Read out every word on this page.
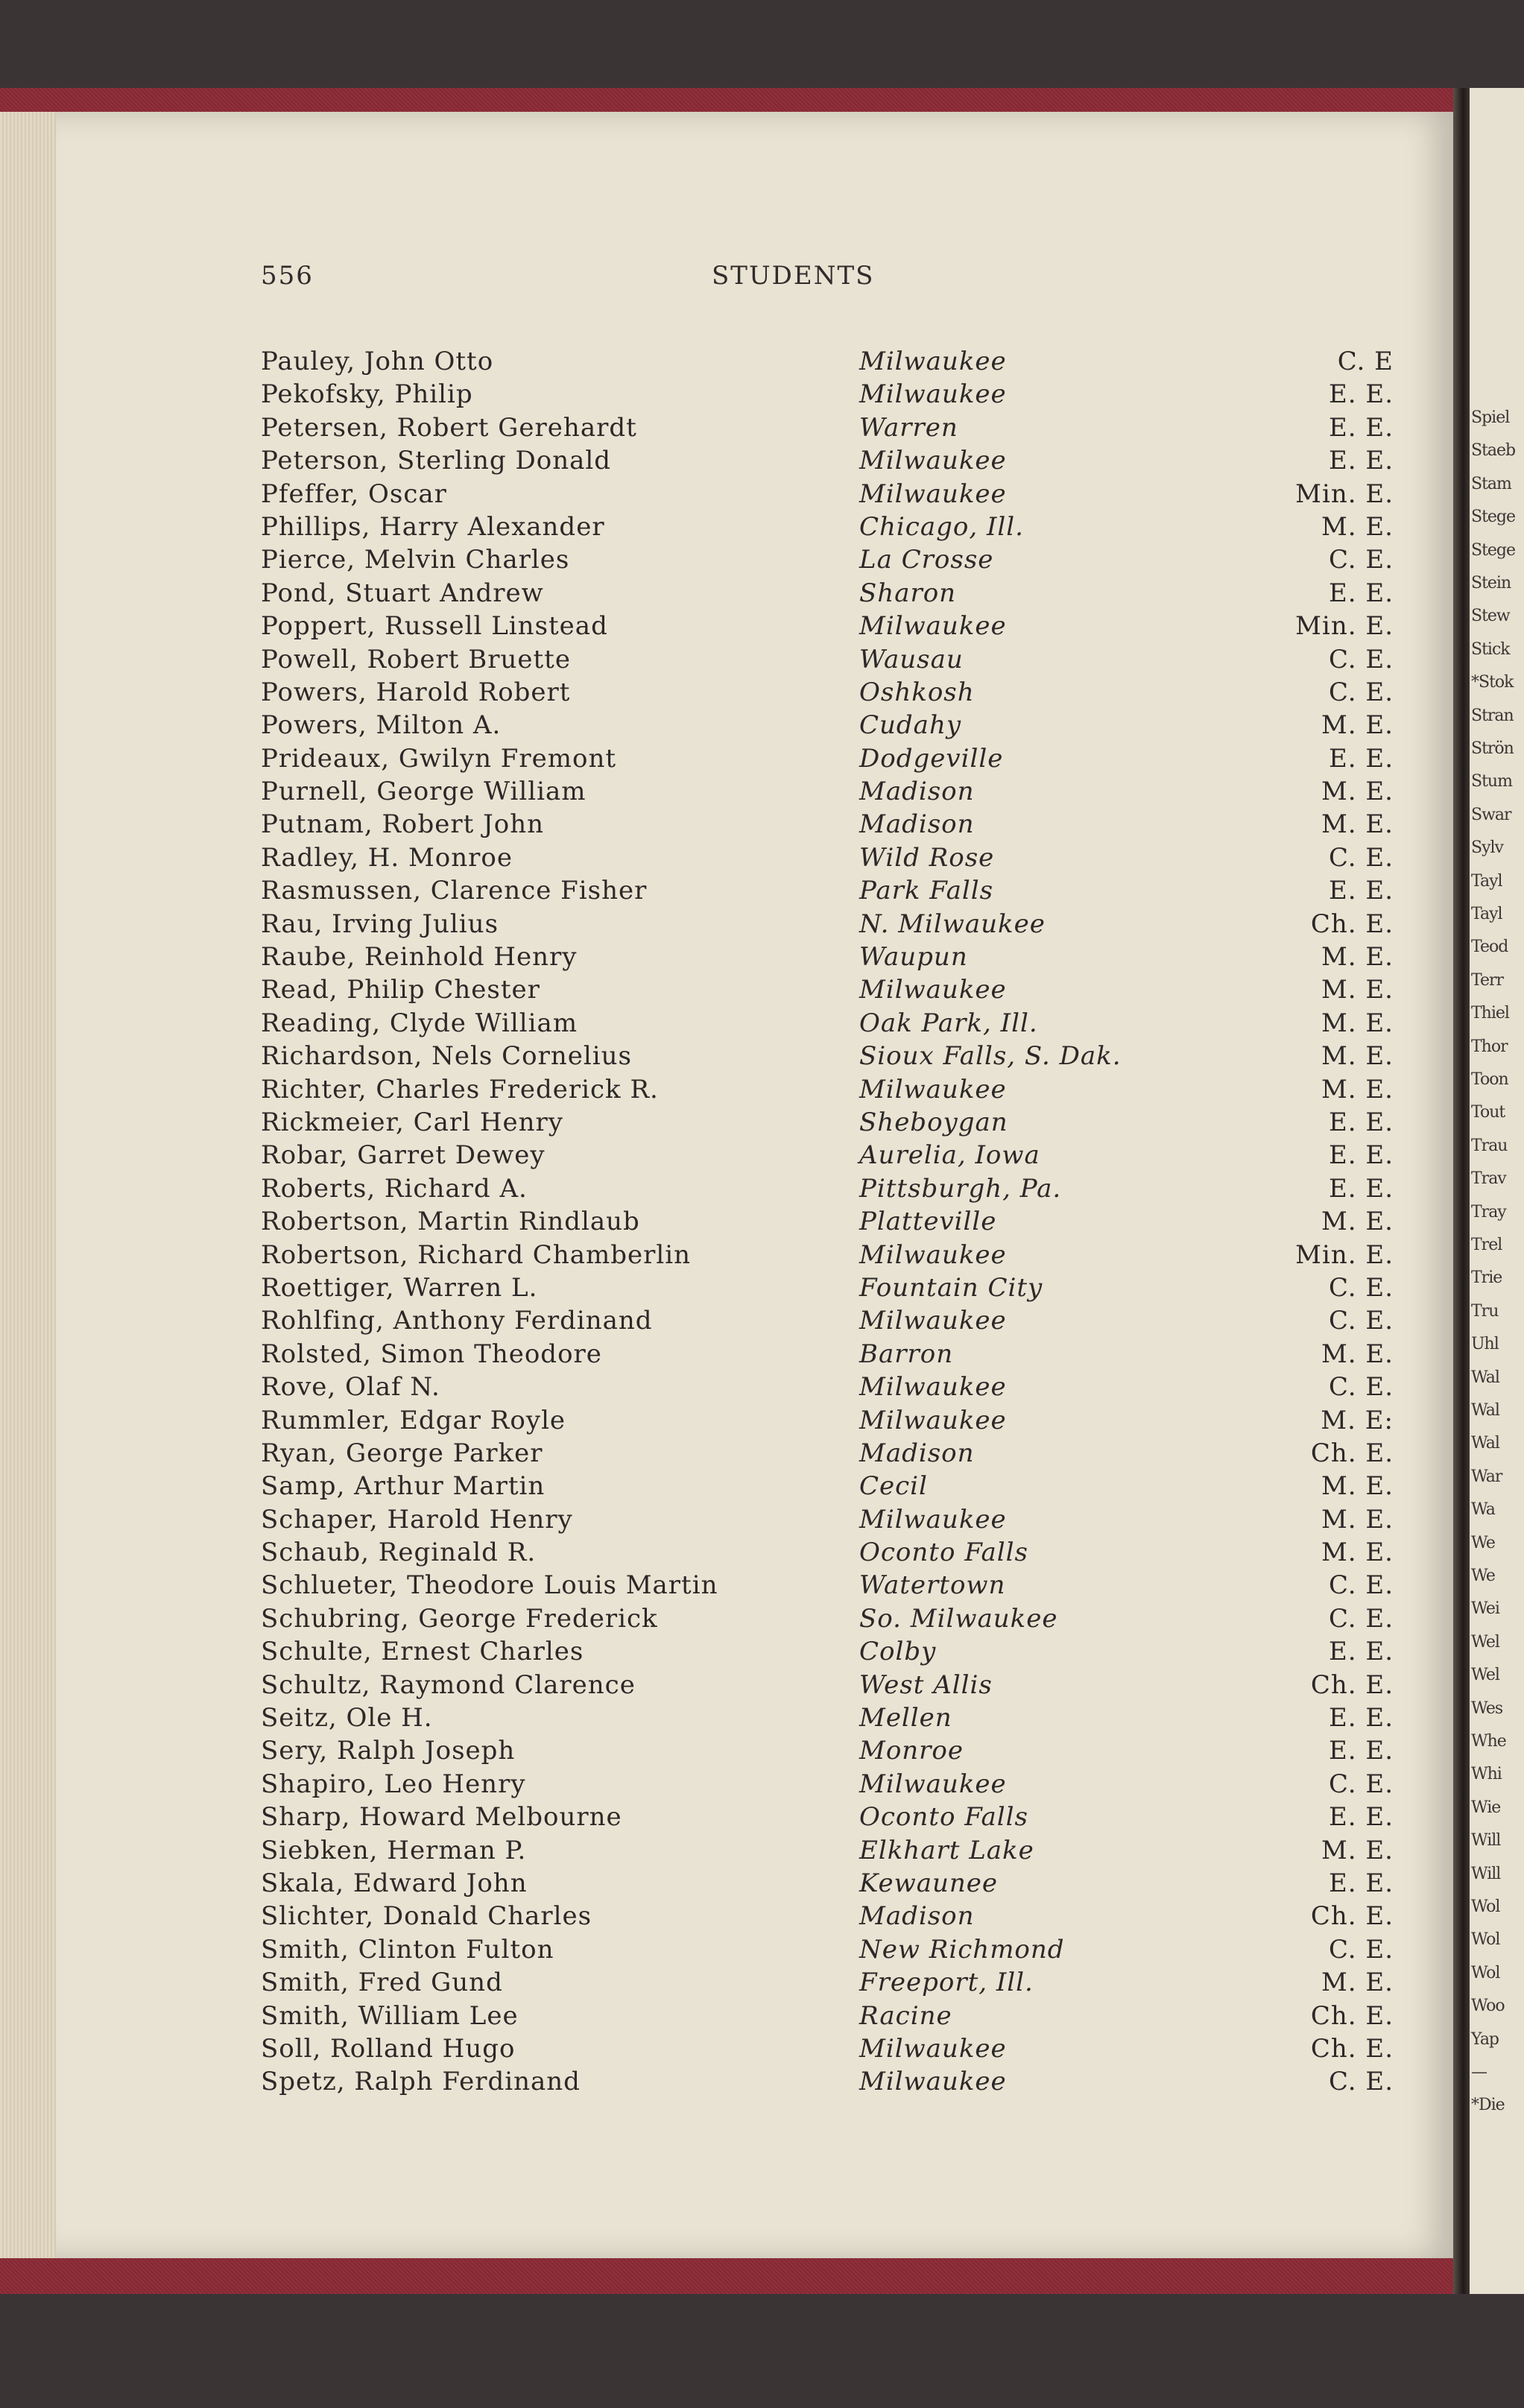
Spiel
Staeb
Stam
Stege
Stege
Stein
Stew
Stick
*Stok
Stran
Strön
Stum
Swar
Sylv
Tayl
Tayl
Teod
Terr
Thiel
Thor
Toon
Tout
Trau
Trav
Tray
Trel
Trie
Tru
Uhl
Wal
Wal
Wal
War
Wa
We
We
Wei
Wel
Wel
Wes
Whe
Whi
Wie
Will
Will
Wol
Wol
Wol
Woo
Yap
—
*Die
556	STUDENTS
Pauley, John Otto	Milwaukee	C. E
Pekofsky, Philip	Milwaukee	E. E.
Petersen, Robert Gerehardt	Warren	E. E.
Peterson, Sterling Donald	Milwaukee	E. E.
Pfeffer, Oscar	Milwaukee	Min. E.
Phillips, Harry Alexander	Chicago, Ill.	M. E.
Pierce, Melvin Charles	La Crosse	C. E.
Pond, Stuart Andrew	Sharon	E. E.
Poppert, Russell Linstead	Milwaukee	Min. E.
Powell, Robert Bruette	Wausau	C. E.
Powers, Harold Robert	Oshkosh	C. E.
Powers, Milton A.	Cudahy	M. E.
Prideaux, Gwilyn Fremont	Dodgeville	E. E.
Purnell, George William	Madison	M. E.
Putnam, Robert John	Madison	M. E.
Radley, H. Monroe	Wild Rose	C. E.
Rasmussen, Clarence Fisher	Park Falls	E. E.
Rau, Irving Julius	N. Milwaukee	Ch. E.
Raube, Reinhold Henry	Waupun	M. E.
Read, Philip Chester	Milwaukee	M. E.
Reading, Clyde William	Oak Park, Ill.	M. E.
Richardson, Nels Cornelius	Sioux Falls, S. Dak.	M. E.
Richter, Charles Frederick R.	Milwaukee	M. E.
Rickmeier, Carl Henry	Sheboygan	E. E.
Robar, Garret Dewey	Aurelia, Iowa	E. E.
Roberts, Richard A.	Pittsburgh, Pa.	E. E.
Robertson, Martin Rindlaub	Platteville	M. E.
Robertson, Richard Chamberlin	Milwaukee	Min. E.
Roettiger, Warren L.	Fountain City	C. E.
Rohlfing, Anthony Ferdinand	Milwaukee	C. E.
Rolsted, Simon Theodore	Barron	M. E.
Rove, Olaf N.	Milwaukee	C. E.
Rummler, Edgar Royle	Milwaukee	M. E:
Ryan, George Parker	Madison	Ch. E.
Samp, Arthur Martin	Cecil	M. E.
Schaper, Harold Henry	Milwaukee	M. E.
Schaub, Reginald R.	Oconto Falls	M. E.
Schlueter, Theodore Louis Martin	Watertown	C. E.
Schubring, George Frederick	So. Milwaukee	C. E.
Schulte, Ernest Charles	Colby	E. E.
Schultz, Raymond Clarence	West Allis	Ch. E.
Seitz, Ole H.	Mellen	E. E.
Sery, Ralph Joseph	Monroe	E. E.
Shapiro, Leo Henry	Milwaukee	C. E.
Sharp, Howard Melbourne	Oconto Falls	E. E.
Siebken, Herman P.	Elkhart Lake	M. E.
Skala, Edward John	Kewaunee	E. E.
Slichter, Donald Charles	Madison	Ch. E.
Smith, Clinton Fulton	New Richmond	C. E.
Smith, Fred Gund	Freeport, Ill.	M. E.
Smith, William Lee	Racine	Ch. E.
Soll, Rolland Hugo	Milwaukee	Ch. E.
Spetz, Ralph Ferdinand	Milwaukee	C. E.
